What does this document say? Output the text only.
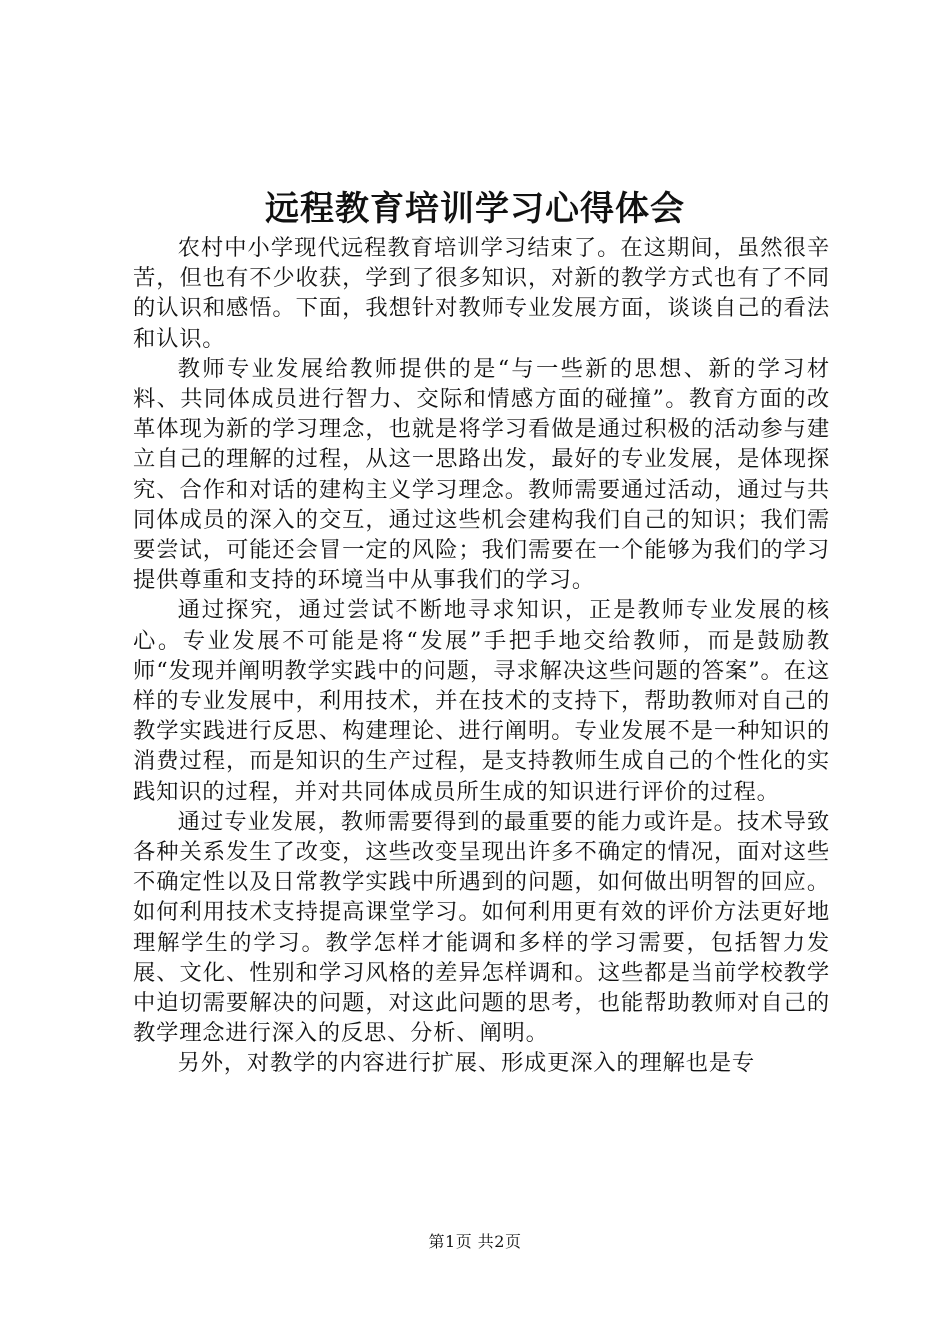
远程教育培训学习心得体会

农村中小学现代远程教育培训学习结束了。在这期间，虽然很辛苦，但也有不少收获，学到了很多知识，对新的教学方式也有了不同的认识和感悟。下面，我想针对教师专业发展方面，谈谈自己的看法和认识。

教师专业发展给教师提供的是“与一些新的思想、新的学习材料、共同体成员进行智力、交际和情感方面的碰撞”。教育方面的改革体现为新的学习理念，也就是将学习看做是通过积极的活动参与建立自己的理解的过程，从这一思路出发，最好的专业发展，是体现探究、合作和对话的建构主义学习理念。教师需要通过活动，通过与共同体成员的深入的交互，通过这些机会建构我们自己的知识；我们需要尝试，可能还会冒一定的风险；我们需要在一个能够为我们的学习提供尊重和支持的环境当中从事我们的学习。

通过探究，通过尝试不断地寻求知识，正是教师专业发展的核心。专业发展不可能是将“发展”手把手地交给教师，而是鼓励教师“发现并阐明教学实践中的问题，寻求解决这些问题的答案”。在这样的专业发展中，利用技术，并在技术的支持下，帮助教师对自己的教学实践进行反思、构建理论、进行阐明。专业发展不是一种知识的消费过程，而是知识的生产过程，是支持教师生成自己的个性化的实践知识的过程，并对共同体成员所生成的知识进行评价的过程。

通过专业发展，教师需要得到的最重要的能力或许是。技术导致各种关系发生了改变，这些改变呈现出许多不确定的情况，面对这些不确定性以及日常教学实践中所遇到的问题，如何做出明智的回应。如何利用技术支持提高课堂学习。如何利用更有效的评价方法更好地理解学生的学习。教学怎样才能调和多样的学习需要，包括智力发展、文化、性别和学习风格的差异怎样调和。这些都是当前学校教学中迫切需要解决的问题，对这此问题的思考，也能帮助教师对自己的教学理念进行深入的反思、分析、阐明。

另外，对教学的内容进行扩展、形成更深入的理解也是专

第1页 共2页
